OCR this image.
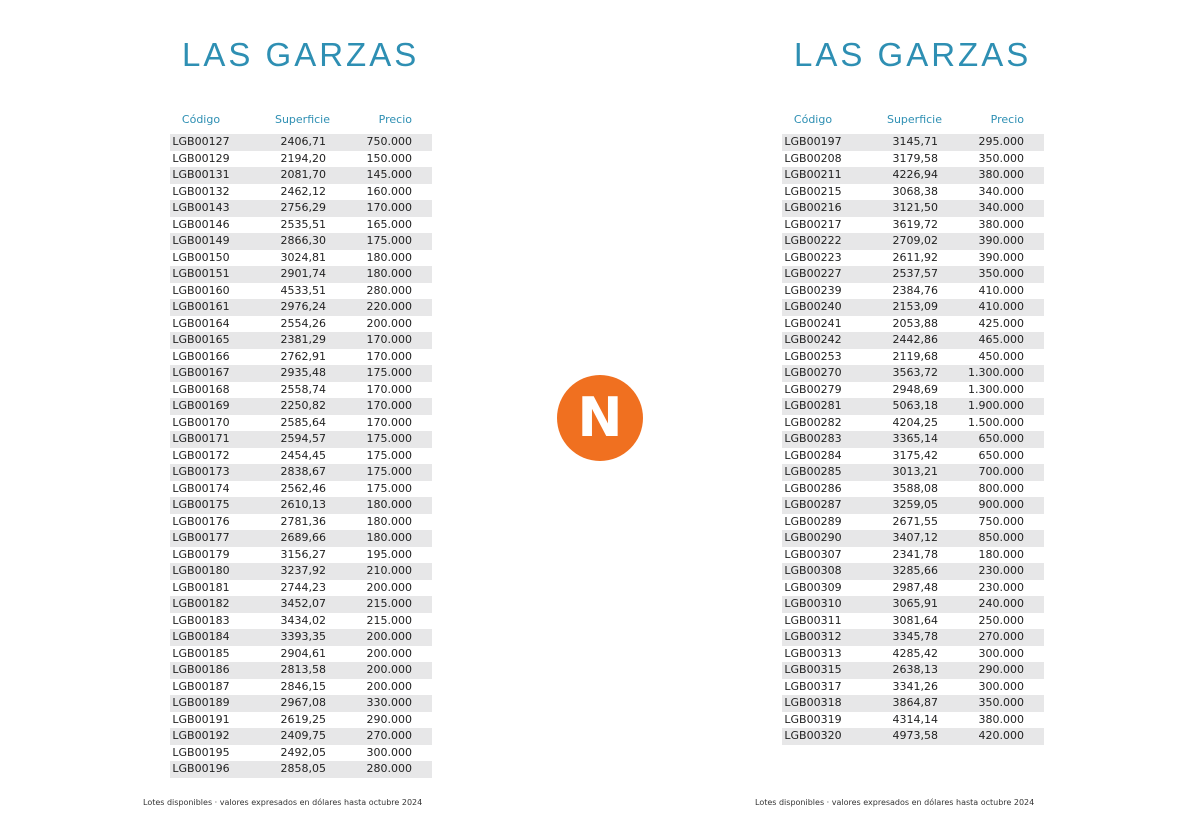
LAS GARZAS
Código	Superficie	Precio
LGB00127	2406,71	750.000
LGB00129	2194,20	150.000
LGB00131	2081,70	145.000
LGB00132	2462,12	160.000
LGB00143	2756,29	170.000
LGB00146	2535,51	165.000
LGB00149	2866,30	175.000
LGB00150	3024,81	180.000
LGB00151	2901,74	180.000
LGB00160	4533,51	280.000
LGB00161	2976,24	220.000
LGB00164	2554,26	200.000
LGB00165	2381,29	170.000
LGB00166	2762,91	170.000
LGB00167	2935,48	175.000
LGB00168	2558,74	170.000
LGB00169	2250,82	170.000
LGB00170	2585,64	170.000
LGB00171	2594,57	175.000
LGB00172	2454,45	175.000
LGB00173	2838,67	175.000
LGB00174	2562,46	175.000
LGB00175	2610,13	180.000
LGB00176	2781,36	180.000
LGB00177	2689,66	180.000
LGB00179	3156,27	195.000
LGB00180	3237,92	210.000
LGB00181	2744,23	200.000
LGB00182	3452,07	215.000
LGB00183	3434,02	215.000
LGB00184	3393,35	200.000
LGB00185	2904,61	200.000
LGB00186	2813,58	200.000
LGB00187	2846,15	200.000
LGB00189	2967,08	330.000
LGB00191	2619,25	290.000
LGB00192	2409,75	270.000
LGB00195	2492,05	300.000
LGB00196	2858,05	280.000
Lotes disponibles · valores expresados en dólares hasta octubre 2024
N
LAS GARZAS
Código	Superficie	Precio
LGB00197	3145,71	295.000
LGB00208	3179,58	350.000
LGB00211	4226,94	380.000
LGB00215	3068,38	340.000
LGB00216	3121,50	340.000
LGB00217	3619,72	380.000
LGB00222	2709,02	390.000
LGB00223	2611,92	390.000
LGB00227	2537,57	350.000
LGB00239	2384,76	410.000
LGB00240	2153,09	410.000
LGB00241	2053,88	425.000
LGB00242	2442,86	465.000
LGB00253	2119,68	450.000
LGB00270	3563,72	1.300.000
LGB00279	2948,69	1.300.000
LGB00281	5063,18	1.900.000
LGB00282	4204,25	1.500.000
LGB00283	3365,14	650.000
LGB00284	3175,42	650.000
LGB00285	3013,21	700.000
LGB00286	3588,08	800.000
LGB00287	3259,05	900.000
LGB00289	2671,55	750.000
LGB00290	3407,12	850.000
LGB00307	2341,78	180.000
LGB00308	3285,66	230.000
LGB00309	2987,48	230.000
LGB00310	3065,91	240.000
LGB00311	3081,64	250.000
LGB00312	3345,78	270.000
LGB00313	4285,42	300.000
LGB00315	2638,13	290.000
LGB00317	3341,26	300.000
LGB00318	3864,87	350.000
LGB00319	4314,14	380.000
LGB00320	4973,58	420.000
Lotes disponibles · valores expresados en dólares hasta octubre 2024
